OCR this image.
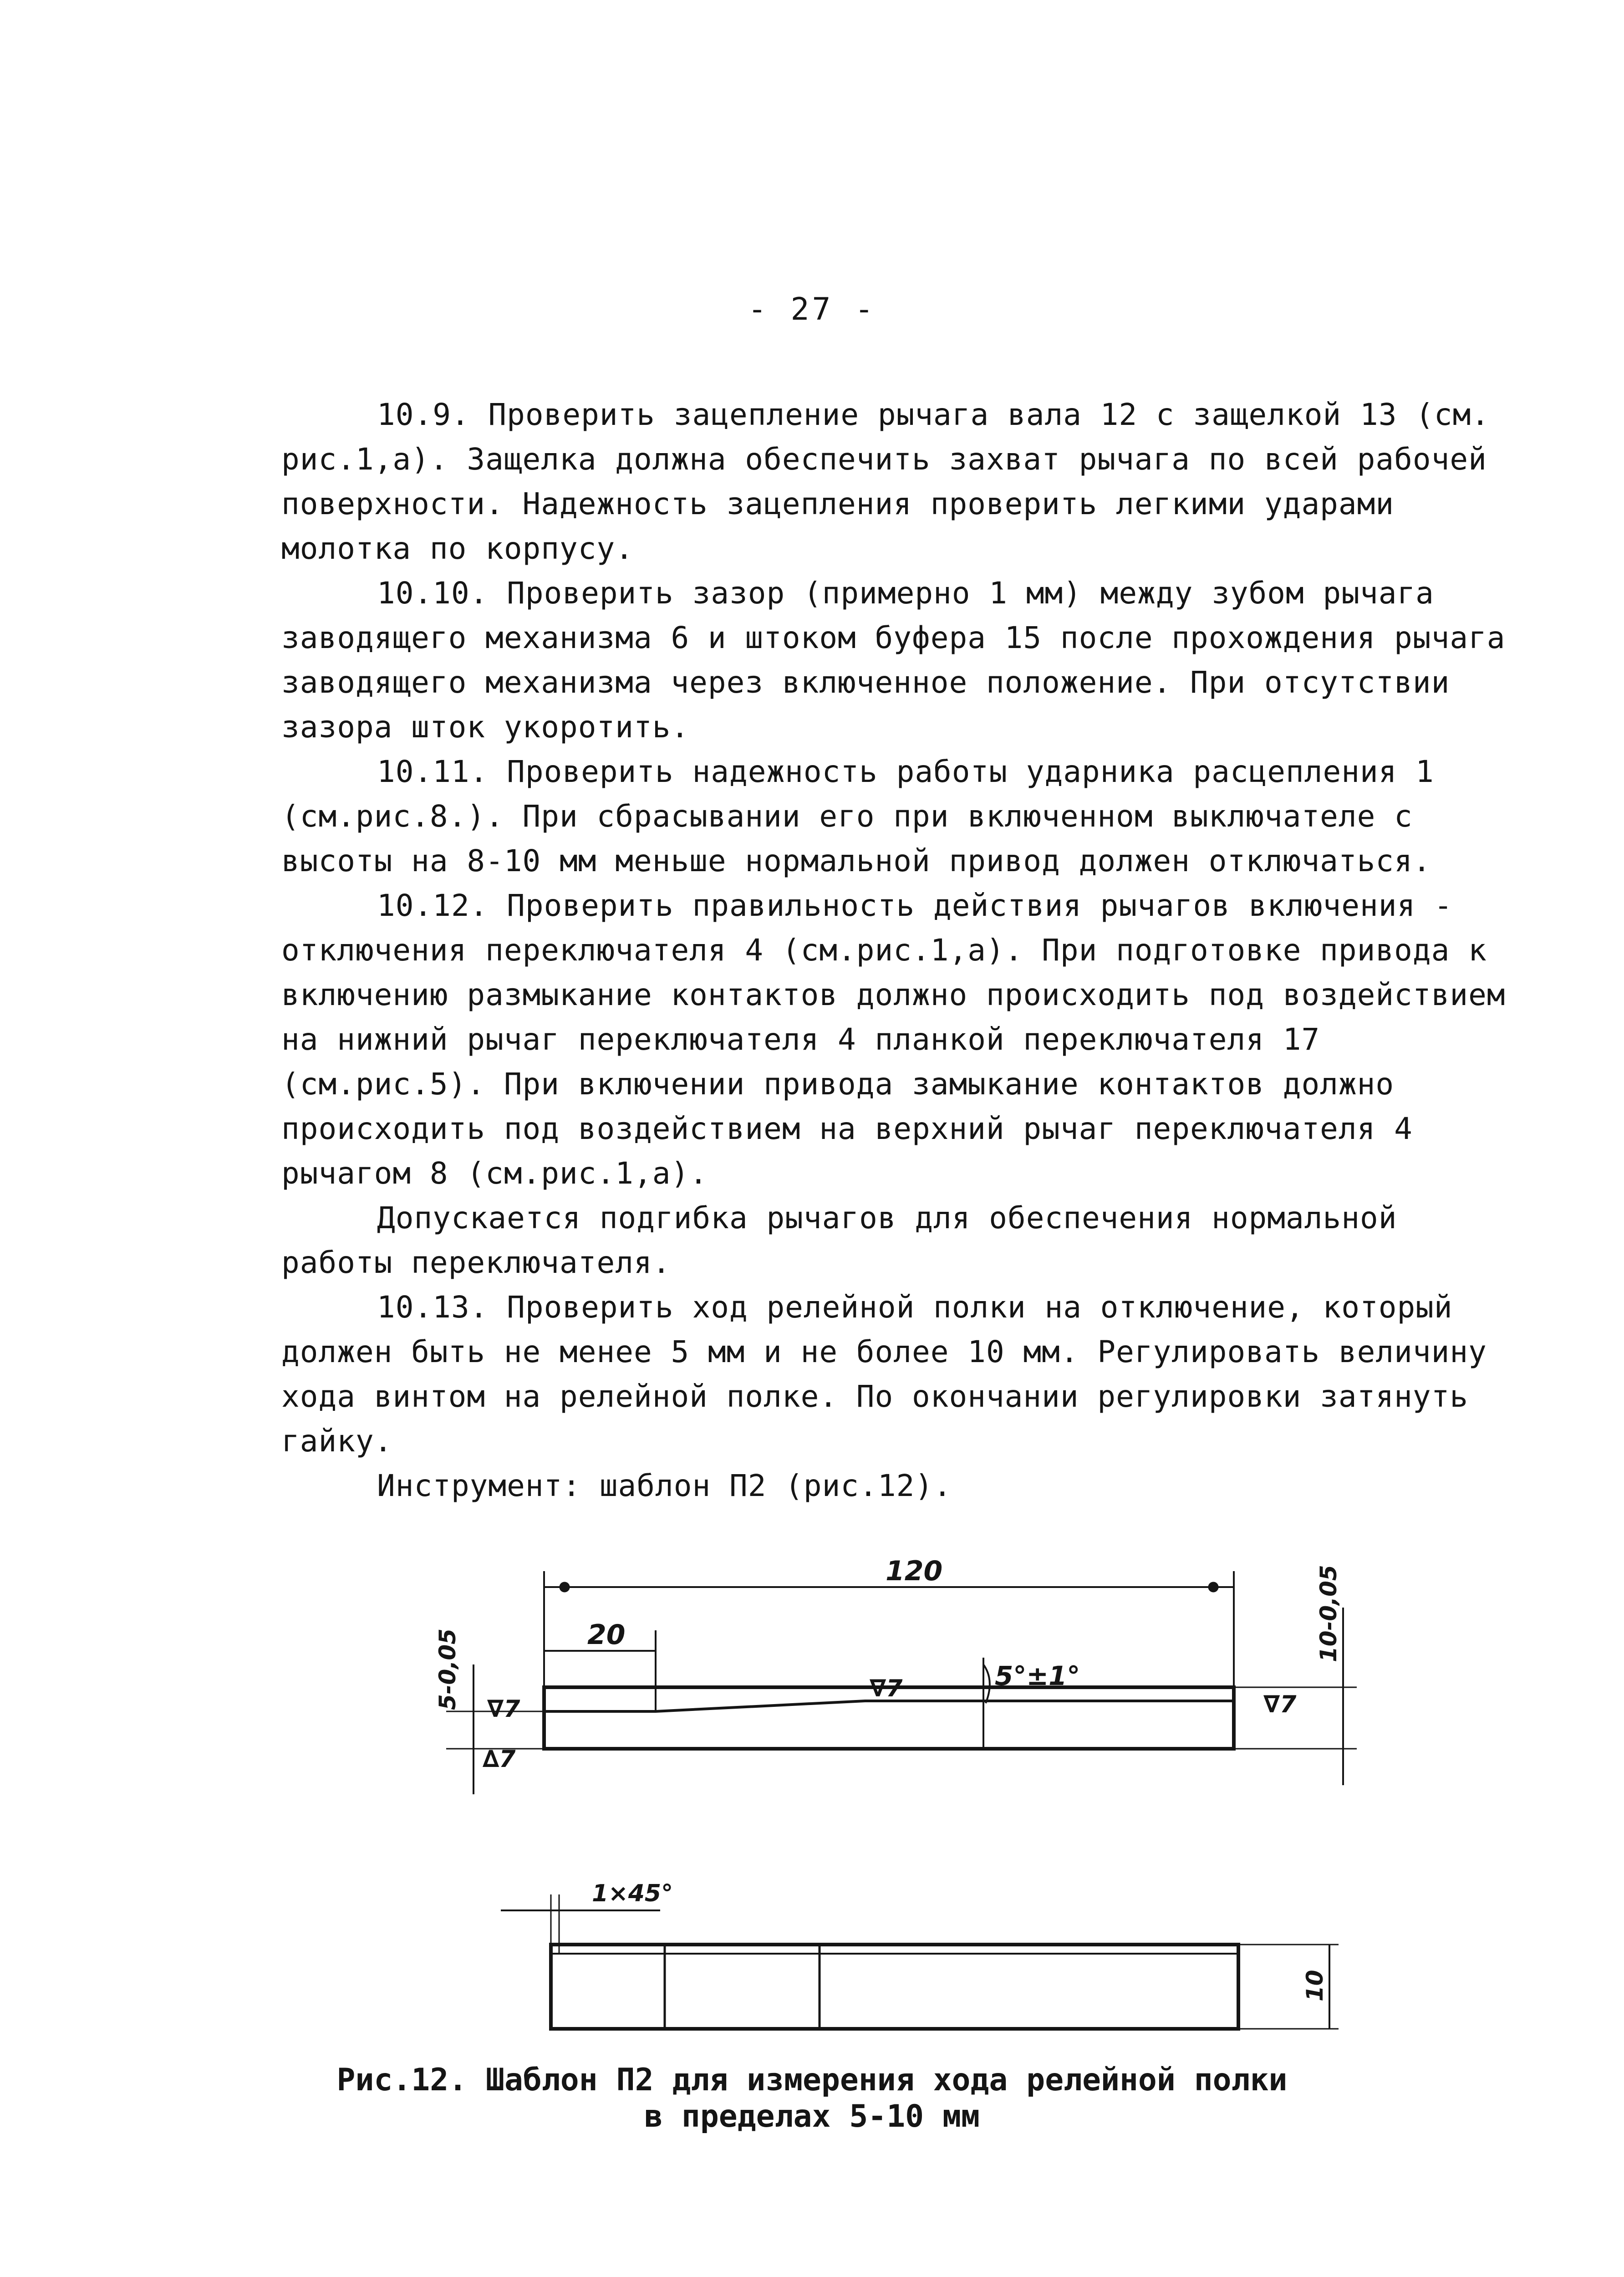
- 27 -

10.9. Проверить зацепление рычага вала 12 с защелкой 13 (см. рис.1,а). Защелка должна обеспечить захват рычага по всей рабочей поверхности. Надежность зацепления проверить легкими ударами молотка по корпусу.

10.10. Проверить зазор (примерно 1 мм) между зубом рычага заводящего механизма 6 и штоком буфера 15 после прохождения рычага заводящего механизма через включенное положение. При отсутствии зазора шток укоротить.

10.11. Проверить надежность работы ударника расцепления 1 (см.рис.8.). При сбрасывании его при включенном выключателе с высоты на 8-10 мм меньше нормальной привод должен отключаться.

10.12. Проверить правильность действия рычагов включения - отключения переключателя 4 (см.рис.1,а). При подготовке привода к включению размыкание контактов должно происходить под воздействием на нижний рычаг переключателя 4 планкой переключателя 17 (см.рис.5). При включении привода замыкание контактов должно происходить под воздействием на верхний рычаг переключателя 4 рычагом 8 (см.рис.1,а).

Допускается подгибка рычагов для обеспечения нормальной работы переключателя.

10.13. Проверить ход релейной полки на отключение, который должен быть не менее 5 мм и не более 10 мм. Регулировать величину хода винтом на релейной полке. По окончании регулировки затянуть гайку.

Инструмент: шаблон П2 (рис.12).

120
20
5-0,05
10-0,05
5°±1°
∇7
∆7
∇7
∇7
1×45°
10
Рис.12. Шаблон П2 для измерения хода релейной полки
в пределах 5-10 мм
